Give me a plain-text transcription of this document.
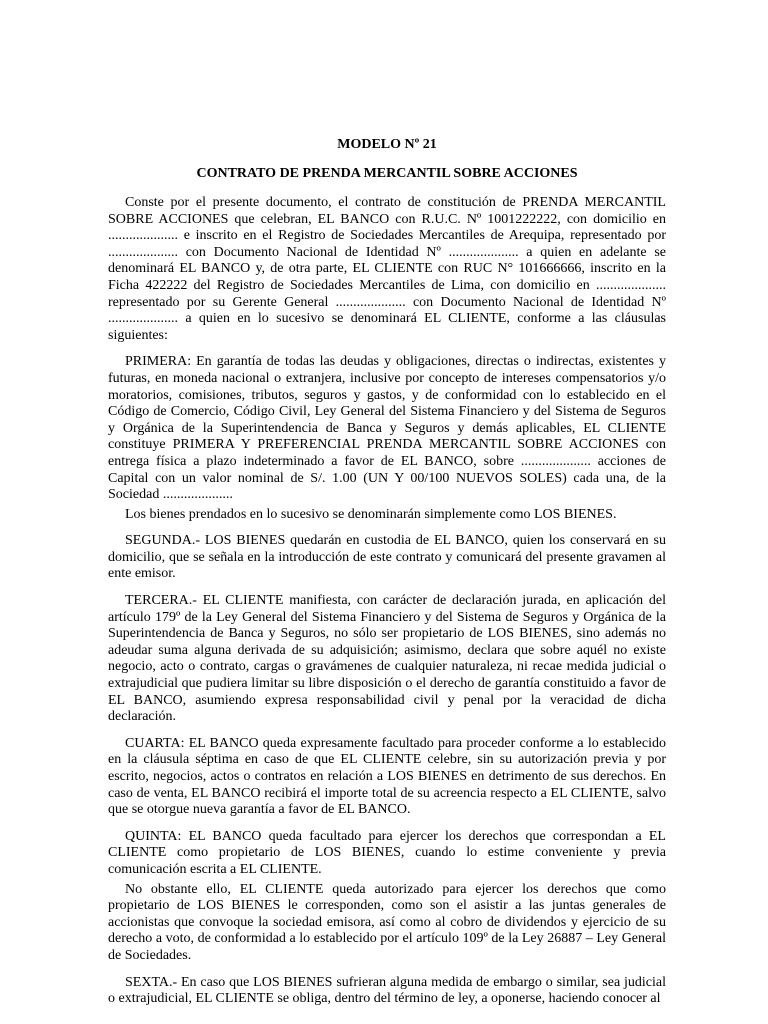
MODELO Nº 21
CONTRATO DE PRENDA MERCANTIL SOBRE ACCIONES

Conste por el presente documento, el contrato de constitución de PRENDA MERCANTIL SOBRE ACCIONES que celebran, EL BANCO con R.U.C. Nº 1001222222, con domicilio en .................... e inscrito en el Registro de Sociedades Mercantiles de Arequipa, representado por .................... con Documento Nacional de Identidad Nº .................... a quien en adelante se denominará EL BANCO y, de otra parte, EL CLIENTE con RUC N° 101666666, inscrito en la Ficha 422222 del Registro de Sociedades Mercantiles de Lima, con domicilio en .................... representado por su Gerente General .................... con Documento Nacional de Identidad Nº .................... a quien en lo sucesivo se denominará EL CLIENTE, conforme a las cláusulas siguientes:

PRIMERA: En garantía de todas las deudas y obligaciones, directas o indirectas, existentes y futuras, en moneda nacional o extranjera, inclusive por concepto de intereses compensatorios y/o moratorios, comisiones, tributos, seguros y gastos, y de conformidad con lo establecido en el Código de Comercio, Código Civil, Ley General del Sistema Financiero y del Sistema de Seguros y Orgánica de la Superintendencia de Banca y Seguros y demás aplicables, EL CLIENTE constituye PRIMERA Y PREFERENCIAL PRENDA MERCANTIL SOBRE ACCIONES con entrega física a plazo indeterminado a favor de EL BANCO, sobre .................... acciones de Capital con un valor nominal de S/. 1.00 (UN Y 00/100 NUEVOS SOLES) cada una, de la Sociedad ....................

Los bienes prendados en lo sucesivo se denominarán simplemente como LOS BIENES.

SEGUNDA.- LOS BIENES quedarán en custodia de EL BANCO, quien los conservará en su domicilio, que se señala en la introducción de este contrato y comunicará del presente gravamen al ente emisor.

TERCERA.- EL CLIENTE manifiesta, con carácter de declaración jurada, en aplicación del artículo 179º de la Ley General del Sistema Financiero y del Sistema de Seguros y Orgánica de la Superintendencia de Banca y Seguros, no sólo ser propietario de LOS BIENES, sino además no adeudar suma alguna derivada de su adquisición; asimismo, declara que sobre aquél no existe negocio, acto o contrato, cargas o gravámenes de cualquier naturaleza, ni recae medida judicial o extrajudicial que pudiera limitar su libre disposición o el derecho de garantía constituido a favor de EL BANCO, asumiendo expresa responsabilidad civil y penal por la veracidad de dicha declaración.

CUARTA: EL BANCO queda expresamente facultado para proceder conforme a lo establecido en la cláusula séptima en caso de que EL CLIENTE celebre, sin su autorización previa y por escrito, negocios, actos o contratos en relación a LOS BIENES en detrimento de sus derechos. En caso de venta, EL BANCO recibirá el importe total de su acreencia respecto a EL CLIENTE, salvo que se otorgue nueva garantía a favor de EL BANCO.

QUINTA: EL BANCO queda facultado para ejercer los derechos que correspondan a EL CLIENTE como propietario de LOS BIENES, cuando lo estime conveniente y previa comunicación escrita a EL CLIENTE.

No obstante ello, EL CLIENTE queda autorizado para ejercer los derechos que como propietario de LOS BIENES le corresponden, como son el asistir a las juntas generales de accionistas que convoque la sociedad emisora, así como al cobro de dividendos y ejercicio de su derecho a voto, de conformidad a lo establecido por el artículo 109º de la Ley 26887 – Ley General de Sociedades.

SEXTA.- En caso que LOS BIENES sufrieran alguna medida de embargo o similar, sea judicial o extrajudicial, EL CLIENTE se obliga, dentro del término de ley, a oponerse, haciendo conocer al
